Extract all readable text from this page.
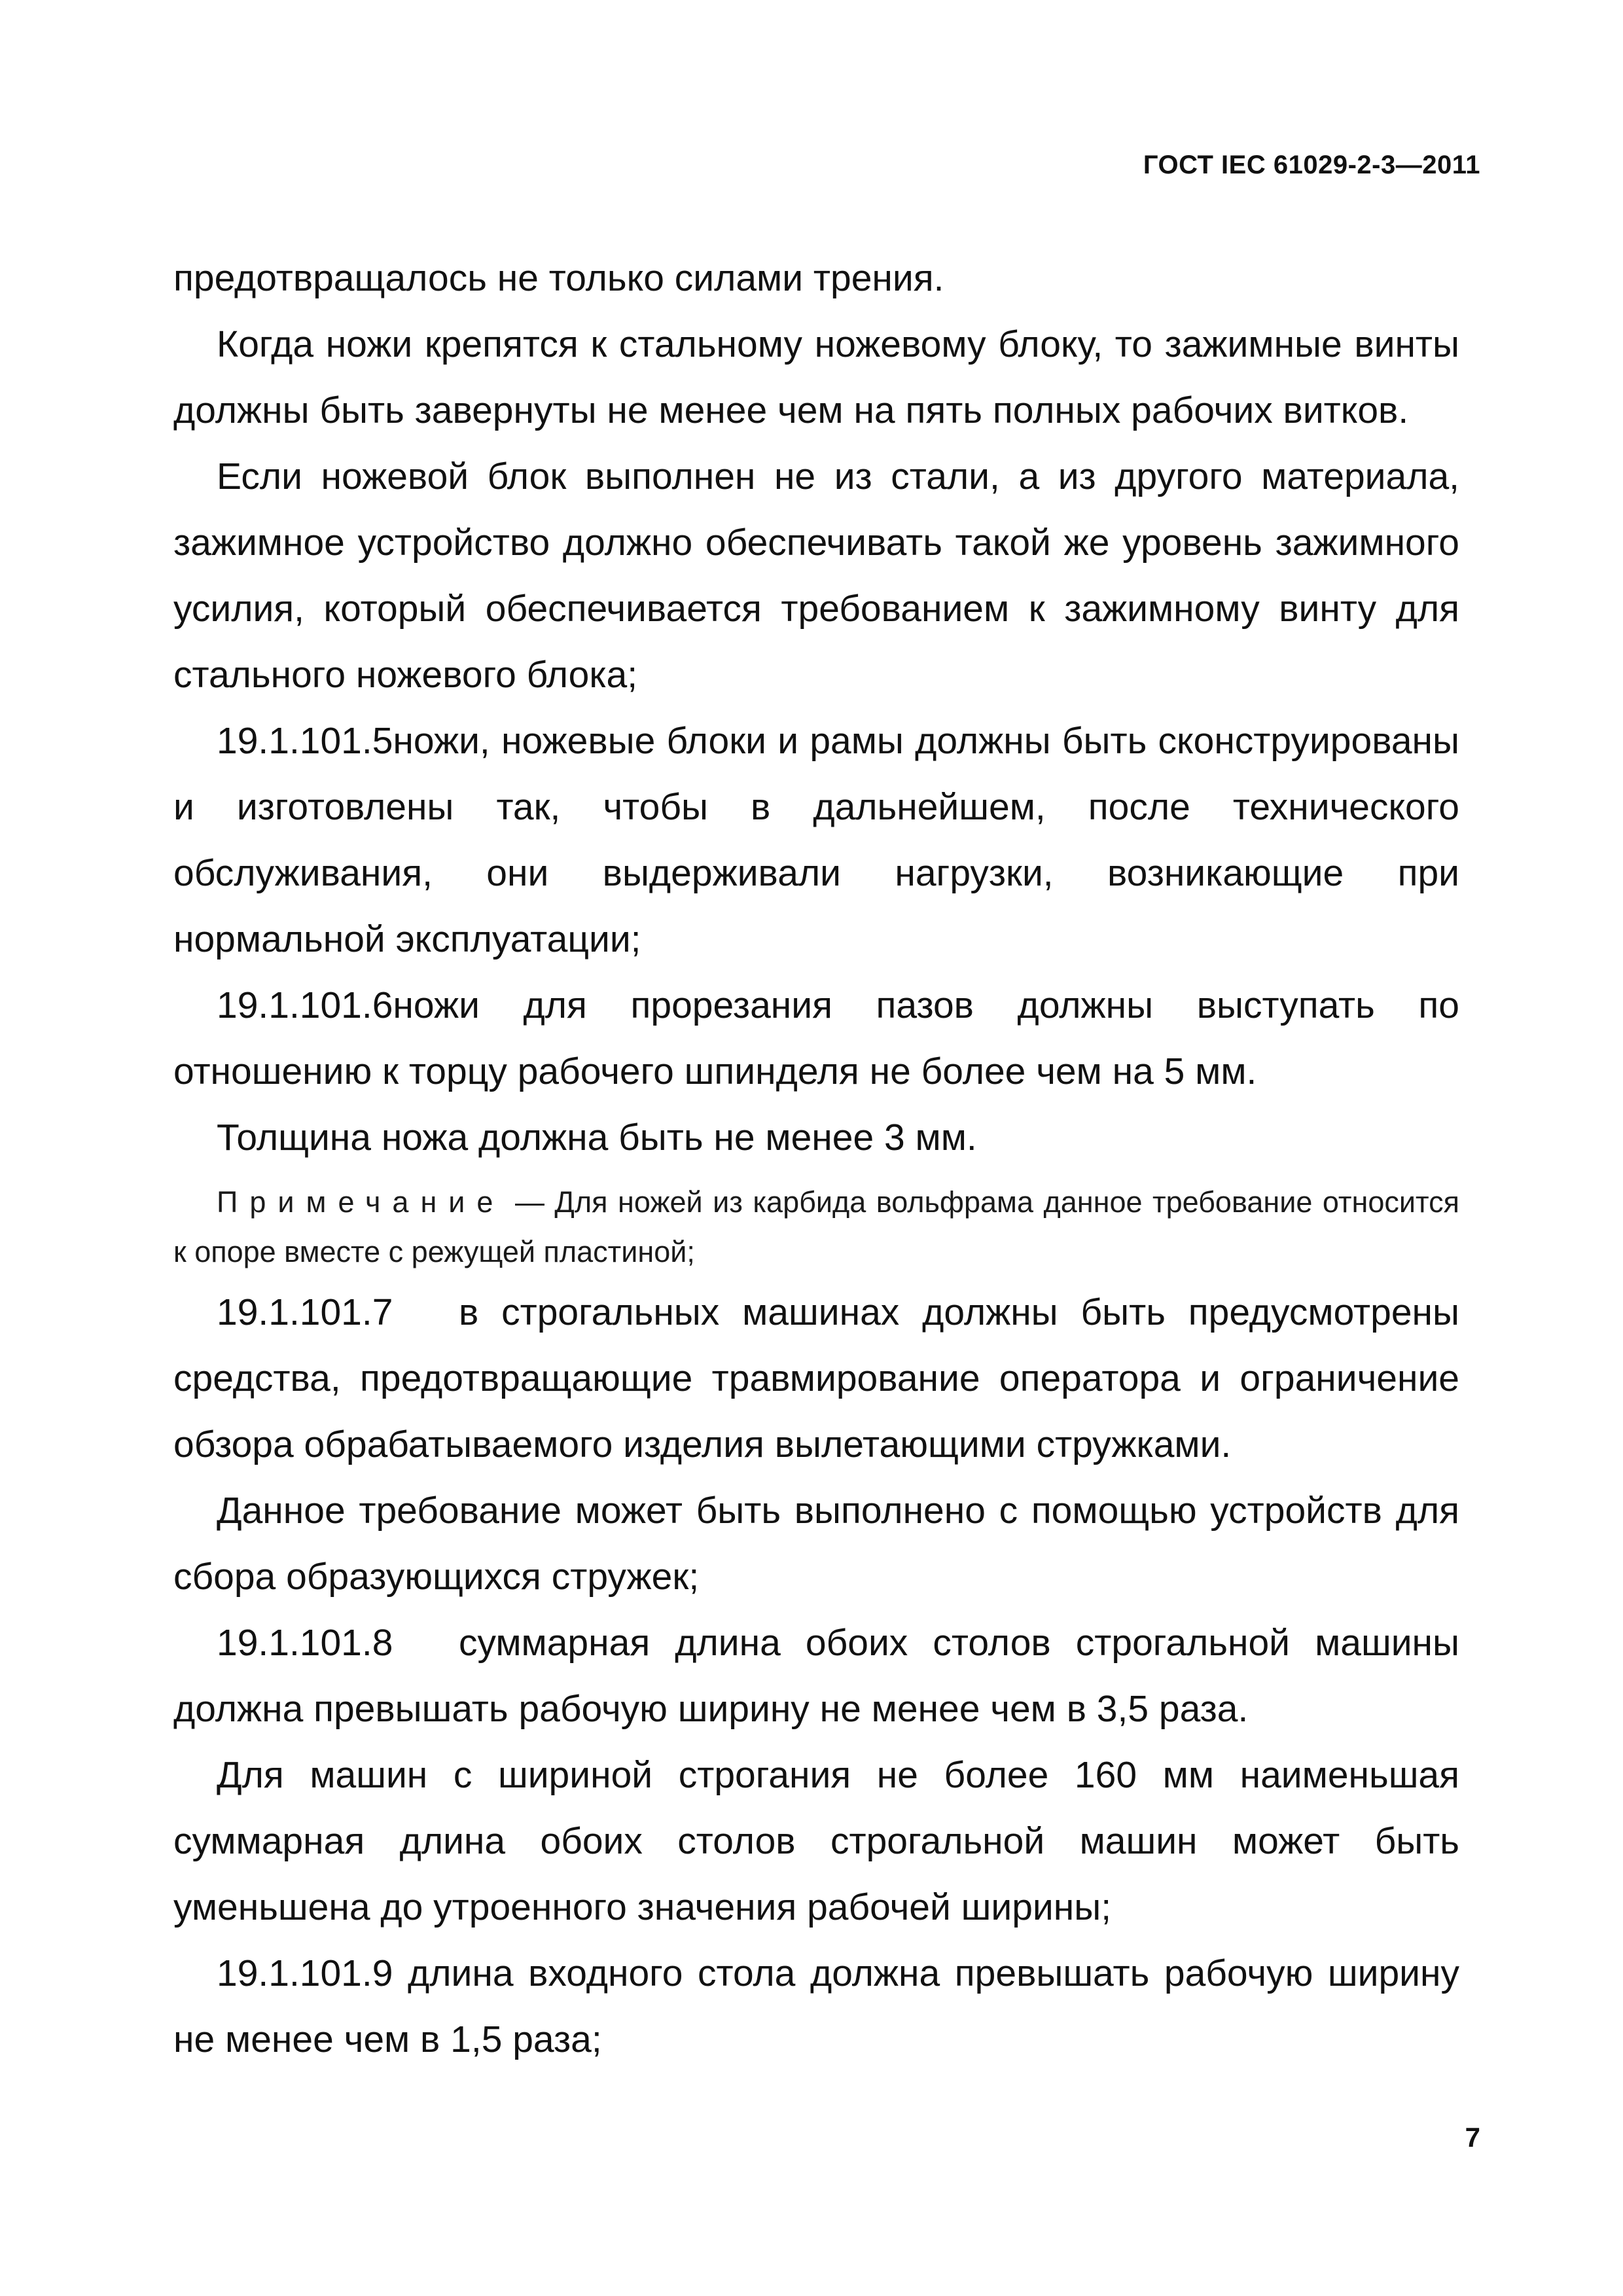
ГОСТ IEC 61029-2-3—2011

предотвращалось не только силами трения.

Когда ножи крепятся к стальному ножевому блоку, то зажимные винты должны быть завернуты не менее чем на пять полных рабочих витков.

Если ножевой блок выполнен не из стали, а из другого материала, зажимное устройство должно обеспечивать такой же уровень зажимного усилия, который обеспечивается требованием к зажимному винту для стального ножевого блока;

19.1.101.5ножи, ножевые блоки и рамы должны быть сконструированы и изготовлены так, чтобы в дальнейшем, после технического обслуживания, они выдерживали нагрузки, возникающие при нормальной эксплуатации;

19.1.101.6ножи для прорезания пазов должны выступать по отношению к торцу рабочего шпинделя не более чем на 5 мм.

Толщина ножа должна быть не менее 3 мм.

Примечание — Для ножей из карбида вольфрама данное требование относится к опоре вместе с режущей пластиной;

19.1.101.7 в строгальных машинах должны быть предусмотрены средства, предотвращающие травмирование оператора и ограничение обзора обрабатываемого изделия вылетающими стружками.

Данное требование может быть выполнено с помощью устройств для сбора образующихся стружек;

19.1.101.8 суммарная длина обоих столов строгальной машины должна превышать рабочую ширину не менее чем в 3,5 раза.

Для машин с шириной строгания не более 160 мм наименьшая суммарная длина обоих столов строгальной машин может быть уменьшена до утроенного значения рабочей ширины;

19.1.101.9 длина входного стола должна превышать рабочую ширину не менее чем в 1,5 раза;

7
